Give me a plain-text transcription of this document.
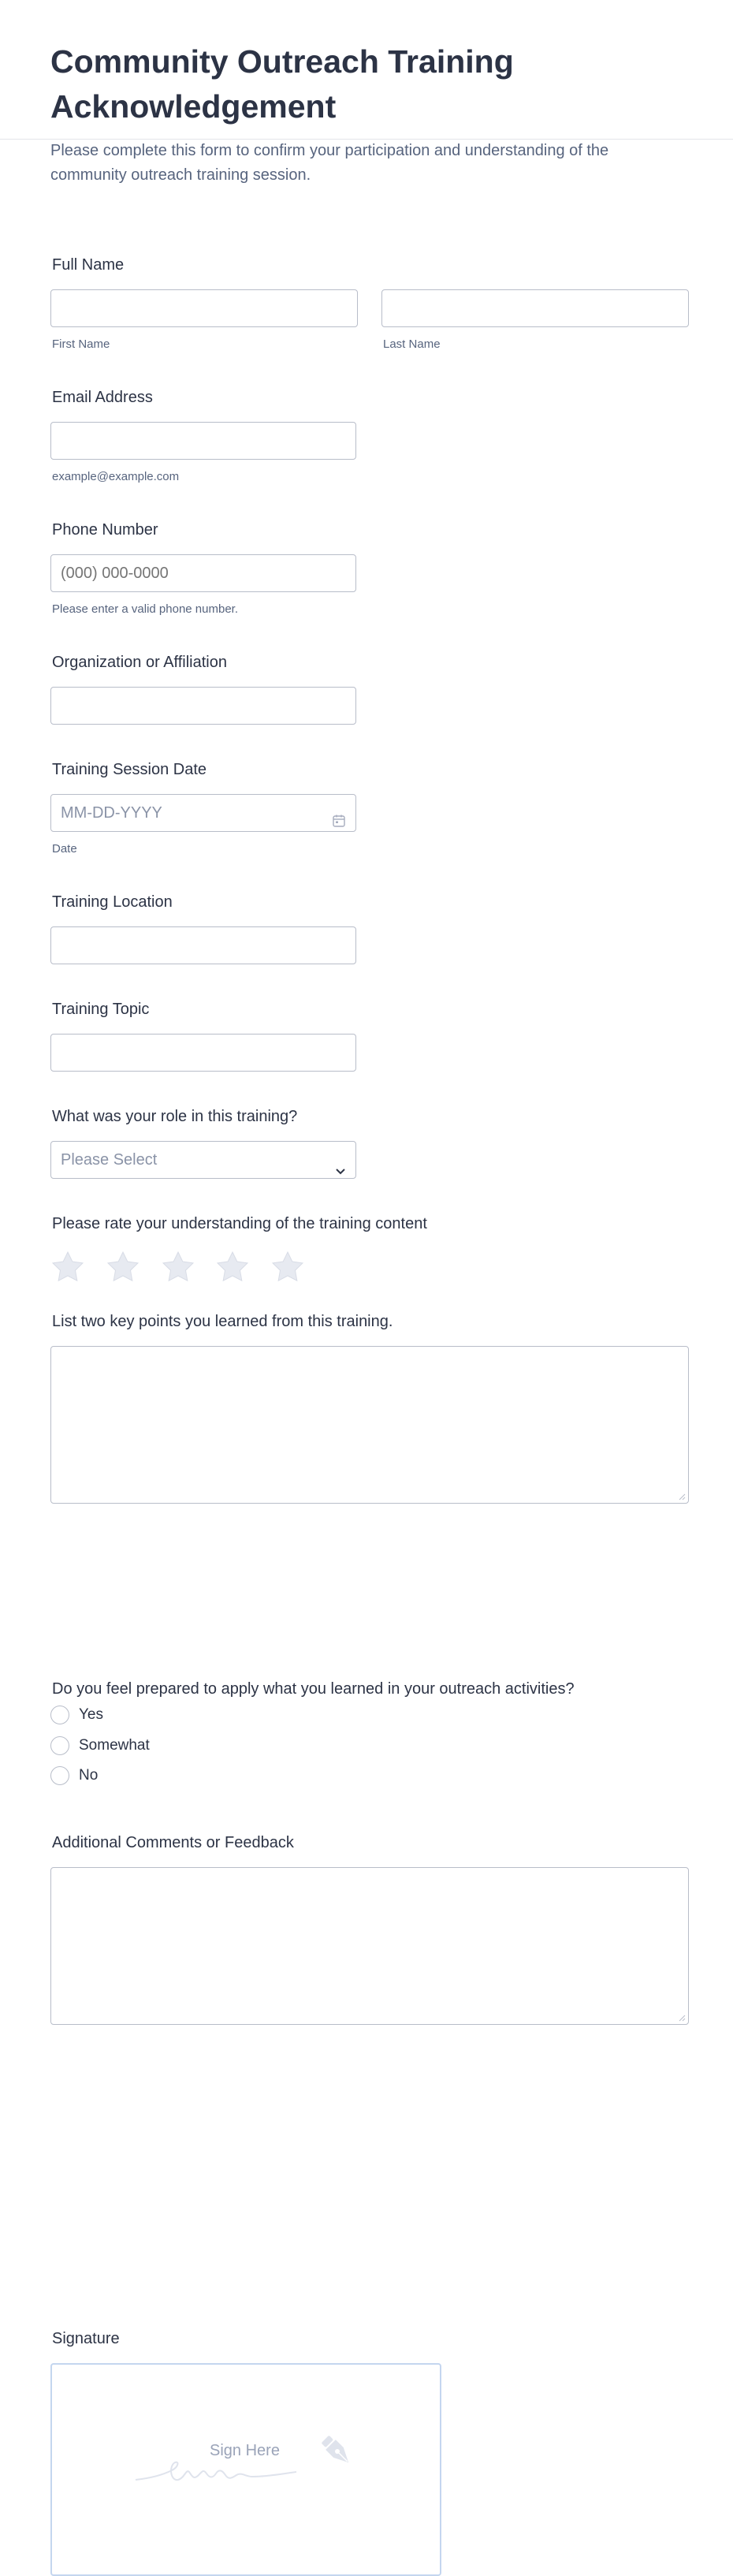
Community Outreach Training Acknowledgement

Please complete this form to confirm your participation and understanding of the community outreach training session.

Full Name
First Name	Last Name
Email Address
example@example.com
Phone Number
(000) 000-0000
Please enter a valid phone number.
Organization or Affiliation
Training Session Date
MM-DD-YYYY
Date
Training Location
Training Topic
What was your role in this training?
Please Select
Please rate your understanding of the training content
List two key points you learned from this training.
Do you feel prepared to apply what you learned in your outreach activities?
Yes
Somewhat
No
Additional Comments or Feedback
Signature
Sign Here
